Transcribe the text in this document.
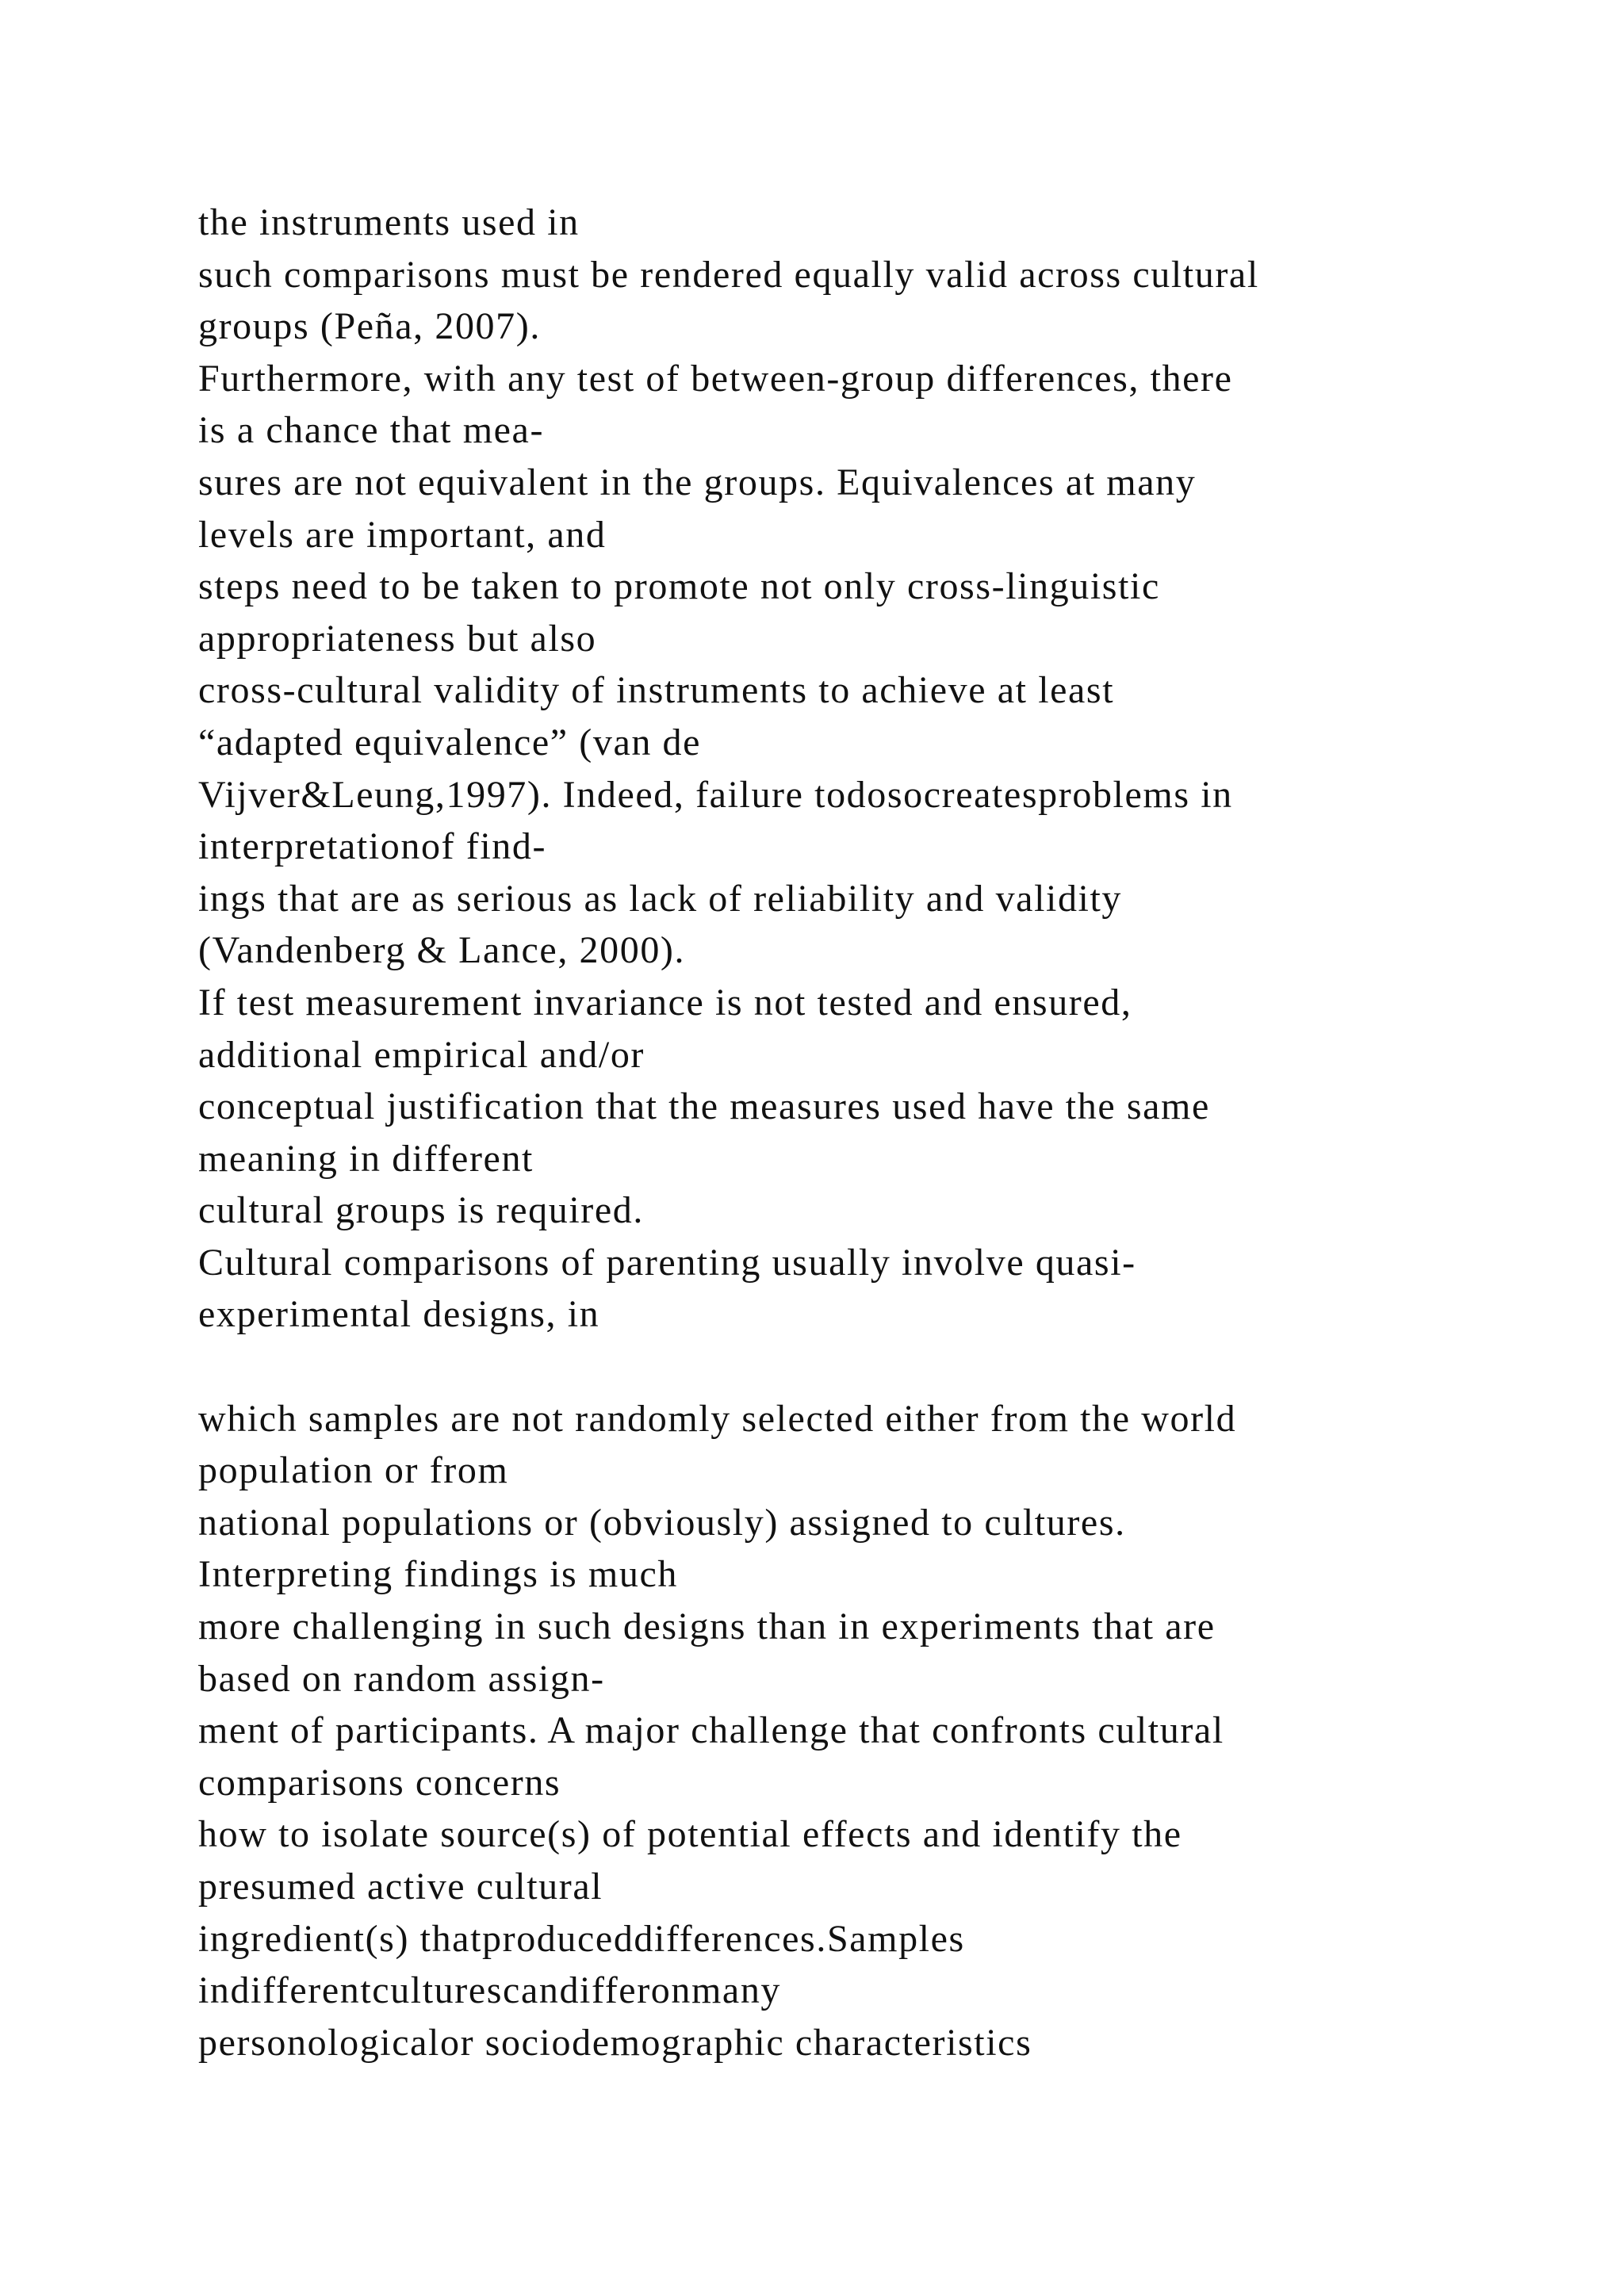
the instruments used in
such comparisons must be rendered equally valid across cultural
groups (Peña, 2007).
Furthermore, with any test of between-group differences, there
is a chance that mea-
sures are not equivalent in the groups. Equivalences at many
levels are important, and
steps need to be taken to promote not only cross-linguistic
appropriateness but also
cross-cultural validity of instruments to achieve at least
“adapted equivalence” (van de
Vijver&Leung,1997). Indeed, failure todosocreatesproblems in
interpretationof find-
ings that are as serious as lack of reliability and validity
(Vandenberg & Lance, 2000).
If test measurement invariance is not tested and ensured,
additional empirical and/or
conceptual justification that the measures used have the same
meaning in different
cultural groups is required.
Cultural comparisons of parenting usually involve quasi-
experimental designs, in
which samples are not randomly selected either from the world
population or from
national populations or (obviously) assigned to cultures.
Interpreting findings is much
more challenging in such designs than in experiments that are
based on random assign-
ment of participants. A major challenge that confronts cultural
comparisons concerns
how to isolate source(s) of potential effects and identify the
presumed active cultural
ingredient(s) thatproduceddifferences.Samples
indifferentculturescandifferonmany
personologicalor sociodemographic characteristics
